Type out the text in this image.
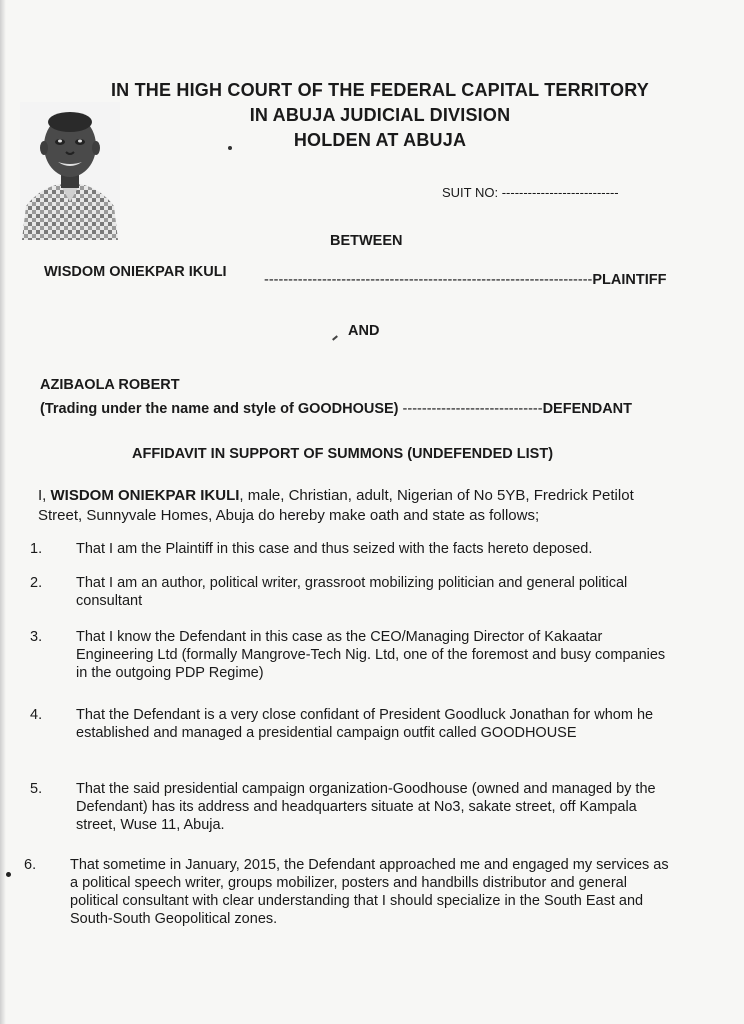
IN THE HIGH COURT OF THE FEDERAL CAPITAL TERRITORY
IN ABUJA JUDICIAL DIVISION
HOLDEN AT ABUJA
SUIT NO: ---------------------------
BETWEEN
WISDOM ONIEKPAR IKULI	--------------------------------------------------------------------PLAINTIFF
AND
AZIBAOLA ROBERT
(Trading under the name and style of GOODHOUSE) -----------------------------DEFENDANT
AFFIDAVIT IN SUPPORT OF SUMMONS (UNDEFENDED LIST)
I, WISDOM ONIEKPAR IKULI, male, Christian, adult, Nigerian of No 5YB, Fredrick Petilot Street, Sunnyvale Homes, Abuja do hereby make oath and state as follows;
1.	That I am the Plaintiff in this case and thus seized with the facts hereto deposed.
2.	That I am an author, political writer, grassroot mobilizing politician and general political consultant
3.	That I know the Defendant in this case as the CEO/Managing Director of Kakaatar Engineering Ltd (formally Mangrove-Tech Nig. Ltd, one of the foremost and busy companies in the outgoing PDP Regime)
4.	That the Defendant is a very close confidant of President Goodluck Jonathan for whom he established and managed a presidential campaign outfit called GOODHOUSE
5.	That the said presidential campaign organization-Goodhouse (owned and managed by the Defendant) has its address and headquarters situate at No3, sakate street, off Kampala street, Wuse 11, Abuja.
6.	That sometime in January, 2015, the Defendant approached me and engaged my services as a political speech writer, groups mobilizer, posters and handbills distributor and general political consultant with clear understanding that I should specialize in the South East and South-South Geopolitical zones.
